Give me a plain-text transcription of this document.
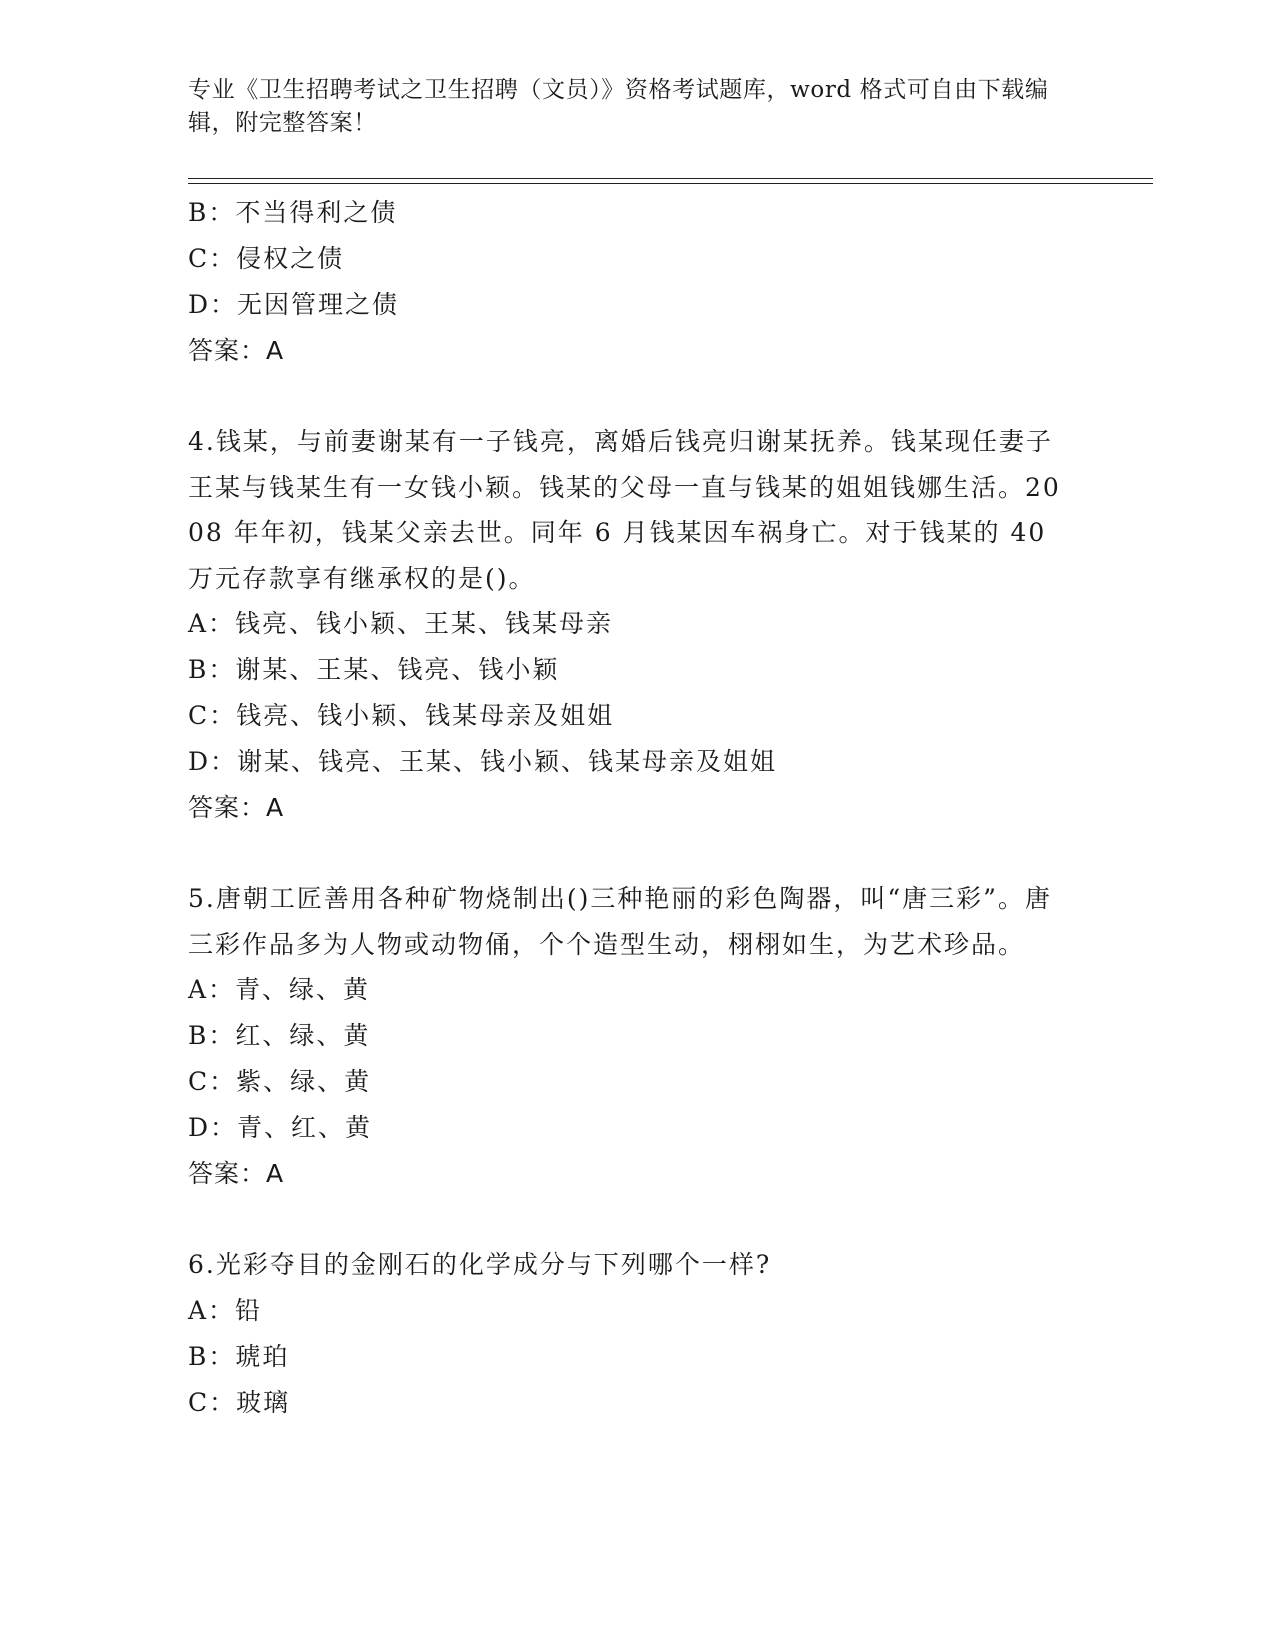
专业《卫生招聘考试之卫生招聘（文员）》资格考试题库，word 格式可自由下载编辑，附完整答案！
B：不当得利之债
C：侵权之债
D：无因管理之债
答案：A
4.钱某，与前妻谢某有一子钱亮，离婚后钱亮归谢某抚养。钱某现任妻子王某与钱某生有一女钱小颖。钱某的父母一直与钱某的姐姐钱娜生活。2008 年年初，钱某父亲去世。同年 6 月钱某因车祸身亡。对于钱某的 40 万元存款享有继承权的是()。
A：钱亮、钱小颖、王某、钱某母亲
B：谢某、王某、钱亮、钱小颖
C：钱亮、钱小颖、钱某母亲及姐姐
D：谢某、钱亮、王某、钱小颖、钱某母亲及姐姐
答案：A
5.唐朝工匠善用各种矿物烧制出()三种艳丽的彩色陶器，叫“唐三彩”。唐三彩作品多为人物或动物俑，个个造型生动，栩栩如生，为艺术珍品。
A：青、绿、黄
B：红、绿、黄
C：紫、绿、黄
D：青、红、黄
答案：A
6.光彩夺目的金刚石的化学成分与下列哪个一样?
A：铅
B：琥珀
C：玻璃
